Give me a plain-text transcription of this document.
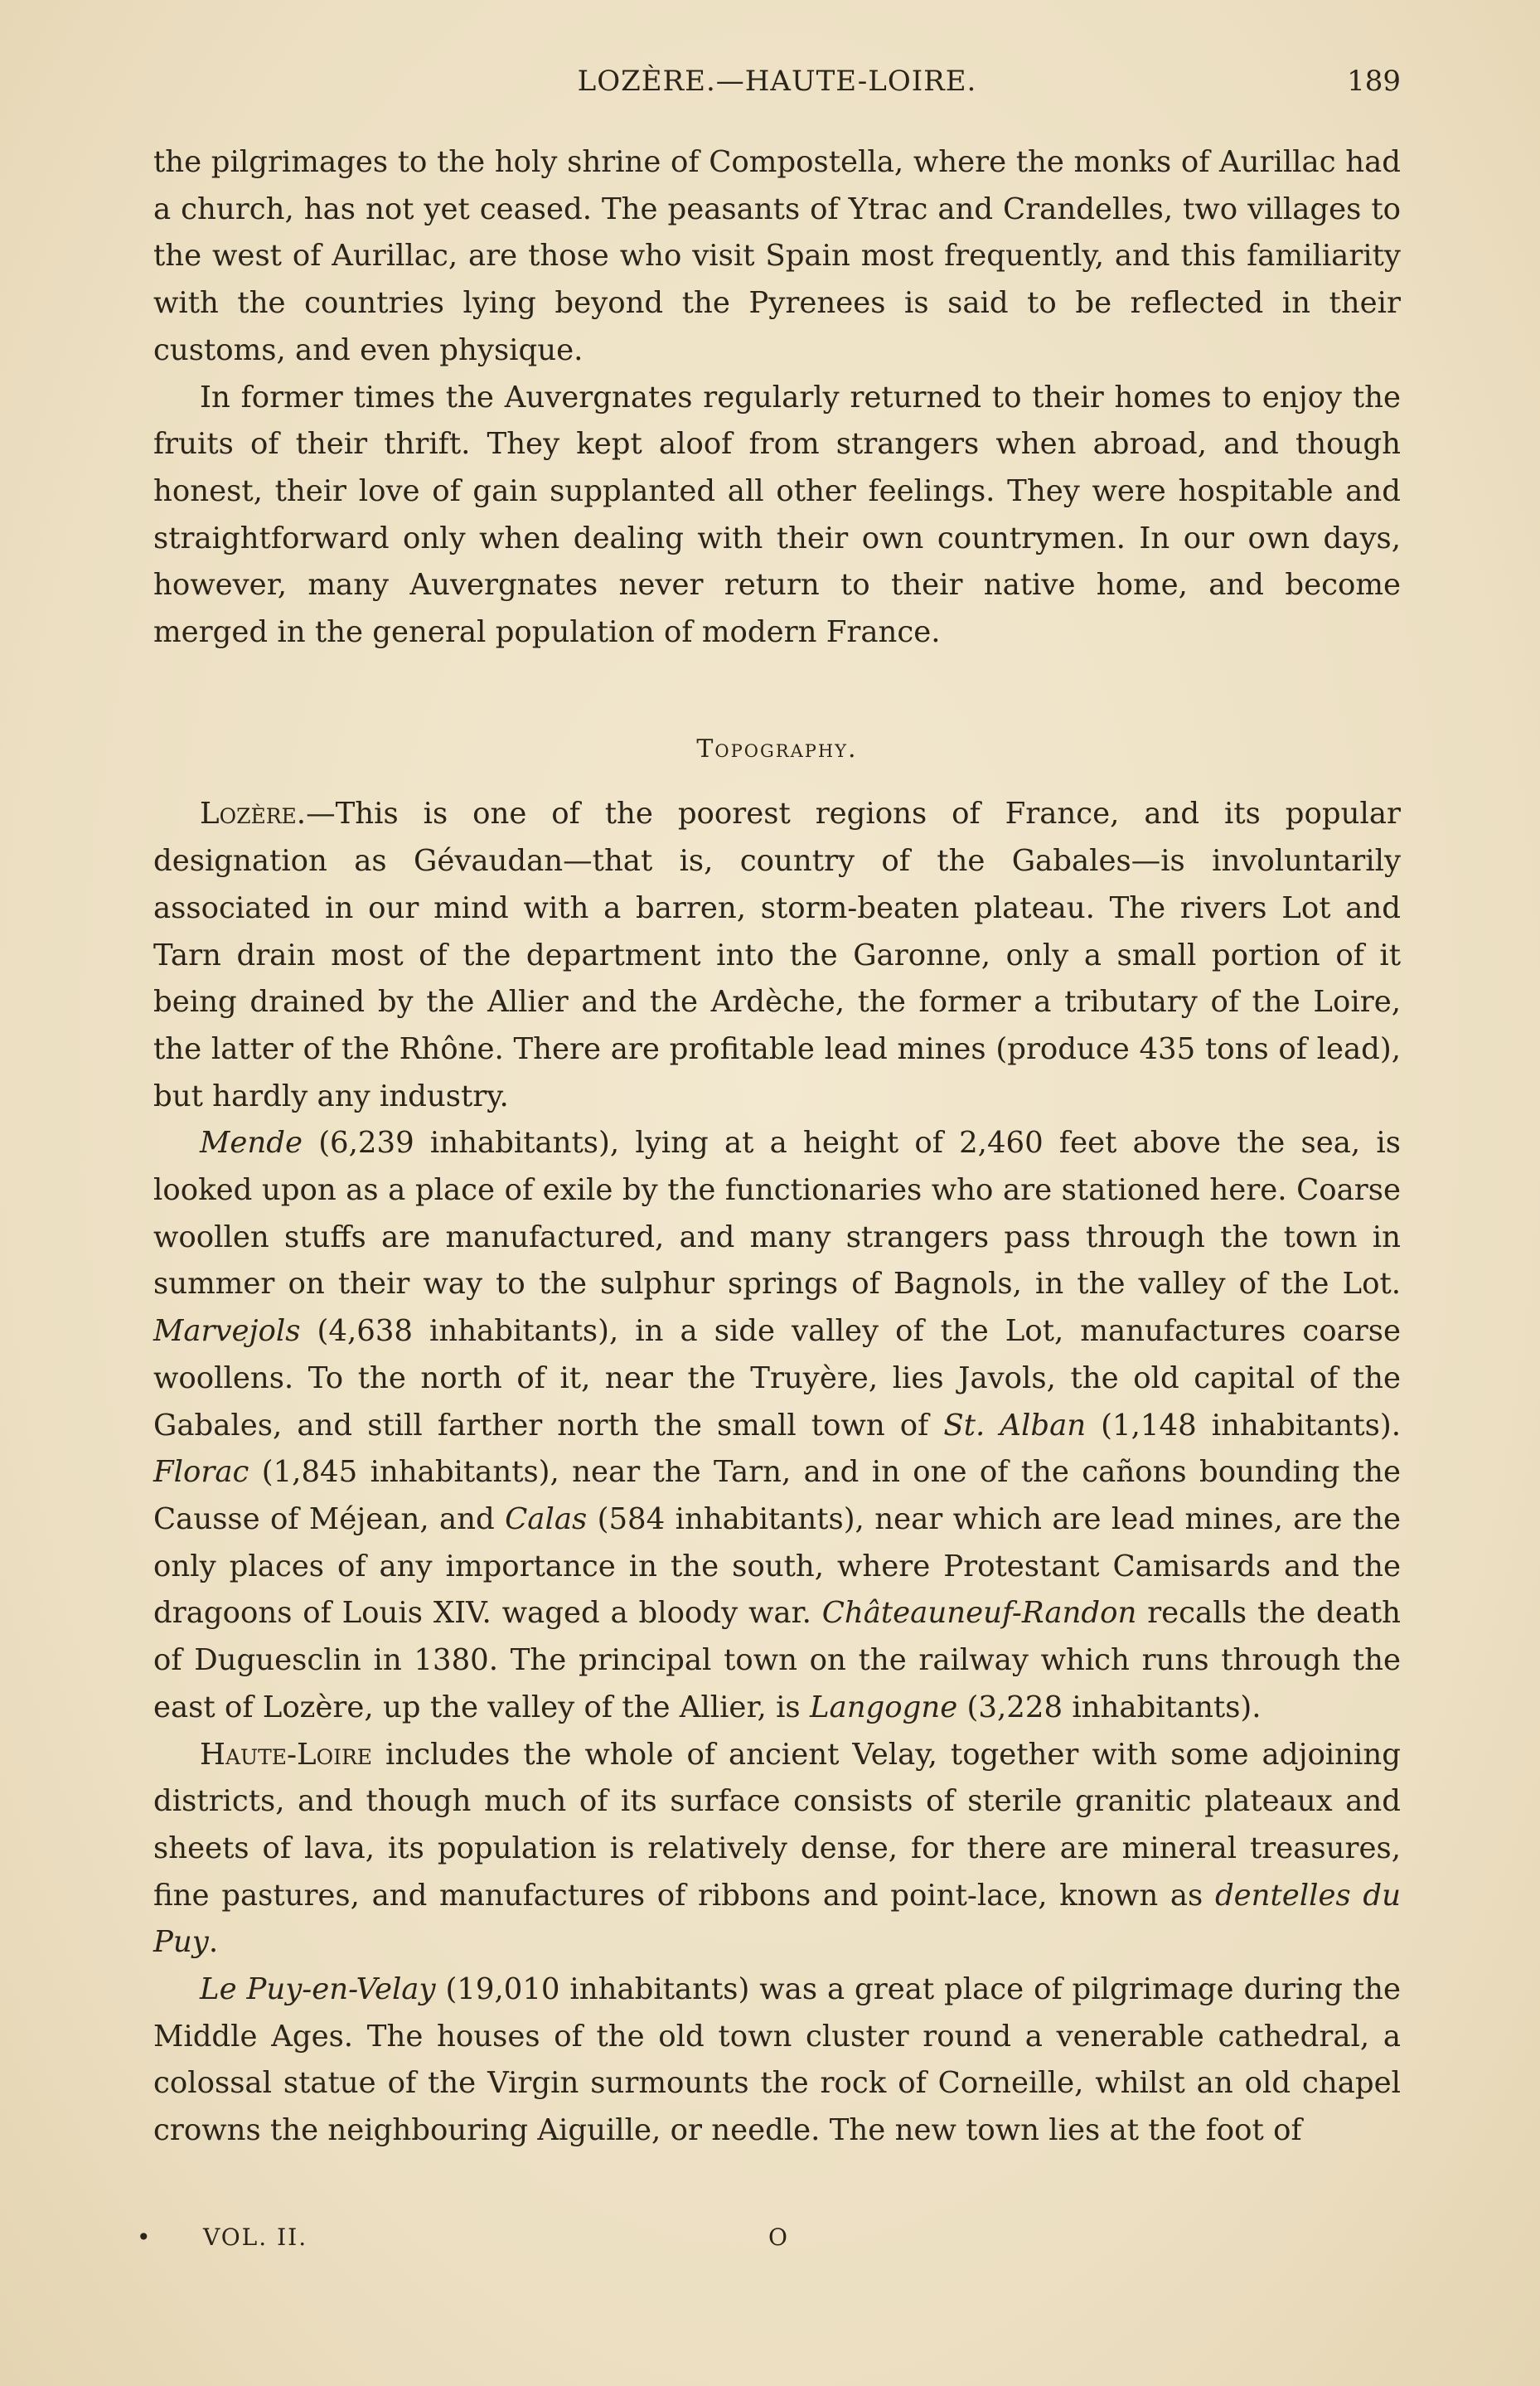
LOZÈRE.—HAUTE-LOIRE.	189

the pilgrimages to the holy shrine of Compostella, where the monks of Aurillac had a church, has not yet ceased. The peasants of Ytrac and Crandelles, two villages to the west of Aurillac, are those who visit Spain most frequently, and this familiarity with the countries lying beyond the Pyrenees is said to be reflected in their customs, and even physique.

In former times the Auvergnates regularly returned to their homes to enjoy the fruits of their thrift. They kept aloof from strangers when abroad, and though honest, their love of gain supplanted all other feelings. They were hospitable and straightforward only when dealing with their own countrymen. In our own days, however, many Auvergnates never return to their native home, and become merged in the general population of modern France.

Topography.

Lozère.—This is one of the poorest regions of France, and its popular designation as Gévaudan—that is, country of the Gabales—is involuntarily associated in our mind with a barren, storm-beaten plateau. The rivers Lot and Tarn drain most of the department into the Garonne, only a small portion of it being drained by the Allier and the Ardèche, the former a tributary of the Loire, the latter of the Rhône. There are profitable lead mines (produce 435 tons of lead), but hardly any industry.

Mende (6,239 inhabitants), lying at a height of 2,460 feet above the sea, is looked upon as a place of exile by the functionaries who are stationed here. Coarse woollen stuffs are manufactured, and many strangers pass through the town in summer on their way to the sulphur springs of Bagnols, in the valley of the Lot. Marvejols (4,638 inhabitants), in a side valley of the Lot, manufactures coarse woollens. To the north of it, near the Truyère, lies Javols, the old capital of the Gabales, and still farther north the small town of St. Alban (1,148 inhabitants). Florac (1,845 inhabitants), near the Tarn, and in one of the cañons bounding the Causse of Méjean, and Calas (584 inhabitants), near which are lead mines, are the only places of any importance in the south, where Protestant Camisards and the dragoons of Louis XIV. waged a bloody war. Châteauneuf-Randon recalls the death of Duguesclin in 1380. The principal town on the railway which runs through the east of Lozère, up the valley of the Allier, is Langogne (3,228 inhabitants).

Haute-Loire includes the whole of ancient Velay, together with some adjoining districts, and though much of its surface consists of sterile granitic plateaux and sheets of lava, its population is relatively dense, for there are mineral treasures, fine pastures, and manufactures of ribbons and point-lace, known as dentelles du Puy.

Le Puy-en-Velay (19,010 inhabitants) was a great place of pilgrimage during the Middle Ages. The houses of the old town cluster round a venerable cathedral, a colossal statue of the Virgin surmounts the rock of Corneille, whilst an old chapel crowns the neighbouring Aiguille, or needle. The new town lies at the foot of

• VOL. II.	O
